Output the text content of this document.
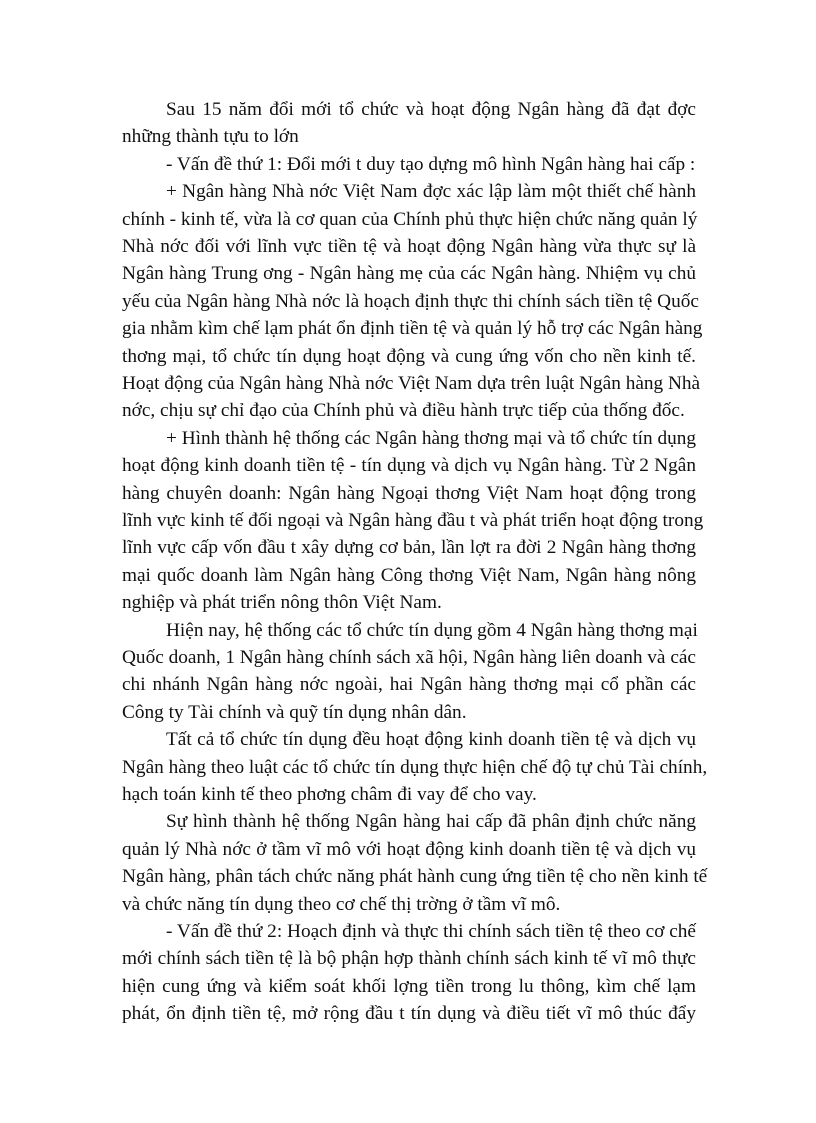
Sau 15 năm đổi mới tổ chức và hoạt động Ngân hàng đã đạt đợc
những thành tựu to lớn
- Vấn đề thứ 1: Đổi mới t duy tạo dựng mô hình Ngân hàng hai cấp :
+ Ngân hàng Nhà nớc Việt Nam đợc xác lập làm một thiết chế hành
chính - kinh tế, vừa là cơ quan của Chính phủ thực hiện chức năng quản lý
Nhà nớc đối với lĩnh vực tiền tệ và hoạt động Ngân hàng vừa thực sự là
Ngân hàng Trung ơng - Ngân hàng mẹ của các Ngân hàng. Nhiệm vụ chủ
yếu của Ngân hàng Nhà nớc là hoạch định thực thi chính sách tiền tệ Quốc
gia nhằm kìm chế lạm phát ổn định tiền tệ và quản lý hỗ trợ các Ngân hàng
thơng mại, tổ chức tín dụng hoạt động và cung ứng vốn cho nền kinh tế.
Hoạt động của Ngân hàng Nhà nớc Việt Nam dựa trên luật Ngân hàng Nhà
nớc, chịu sự chỉ đạo của Chính phủ và điều hành trực tiếp của thống đốc.
+ Hình thành hệ thống các Ngân hàng thơng mại và tổ chức tín dụng
hoạt động kinh doanh tiền tệ - tín dụng và dịch vụ Ngân hàng. Từ 2 Ngân
hàng chuyên doanh: Ngân hàng Ngoại thơng Việt Nam hoạt động trong
lĩnh vực kinh tế đối ngoại và Ngân hàng đầu t và phát triển hoạt động trong
lĩnh vực cấp vốn đầu t xây dựng cơ bản, lần lợt ra đời 2 Ngân hàng thơng
mại quốc doanh làm Ngân hàng Công thơng Việt Nam, Ngân hàng nông
nghiệp và phát triển nông thôn Việt Nam.
Hiện nay, hệ thống các tổ chức tín dụng gồm 4 Ngân hàng thơng mại
Quốc doanh, 1 Ngân hàng chính sách xã hội, Ngân hàng liên doanh và các
chi nhánh Ngân hàng nớc ngoài, hai Ngân hàng thơng mại cổ phần các
Công ty Tài chính và quỹ tín dụng nhân dân.
Tất cả tổ chức tín dụng đều hoạt động kinh doanh tiền tệ và dịch vụ
Ngân hàng theo luật các tổ chức tín dụng thực hiện chế độ tự chủ Tài chính,
hạch toán kinh tế theo phơng châm đi vay để cho vay.
Sự hình thành hệ thống Ngân hàng hai cấp đã phân định chức năng
quản lý Nhà nớc ở tầm vĩ mô với hoạt động kinh doanh tiền tệ và dịch vụ
Ngân hàng, phân tách chức năng phát hành cung ứng tiền tệ cho nền kinh tế
và chức năng tín dụng theo cơ chế thị trờng ở tầm vĩ mô.
- Vấn đề thứ 2: Hoạch định và thực thi chính sách tiền tệ theo cơ chế
mới chính sách tiền tệ là bộ phận hợp thành chính sách kinh tế vĩ mô thực
hiện cung ứng và kiểm soát khối lợng tiền trong lu thông, kìm chế lạm
phát, ổn định tiền tệ, mở rộng đầu t tín dụng và điều tiết vĩ mô thúc đẩy
